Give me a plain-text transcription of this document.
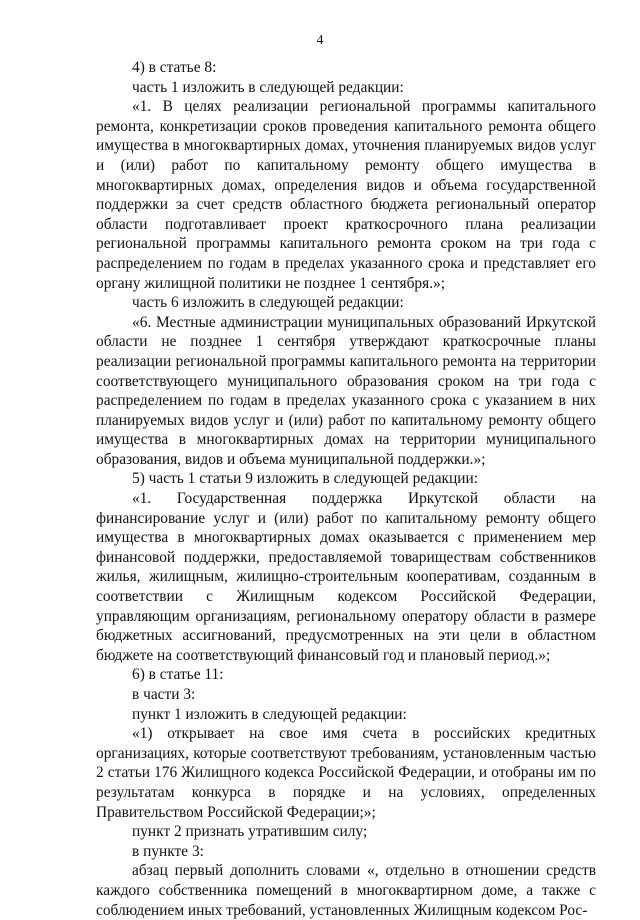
4

4) в статье 8:

часть 1 изложить в следующей редакции:

«1. В целях реализации региональной программы капитального ремонта, конкретизации сроков проведения капитального ремонта общего имущества в многоквартирных домах, уточнения планируемых видов услуг и (или) работ по капитальному ремонту общего имущества в многоквартирных домах, определения видов и объема государственной поддержки за счет средств областного бюджета региональный оператор области подготавливает проект краткосрочного плана реализации региональной программы капитального ремонта сроком на три года с распределением по годам в пределах указанного срока и представляет его органу жилищной политики не позднее 1 сентября.»;

часть 6 изложить в следующей редакции:

«6. Местные администрации муниципальных образований Иркутской области не позднее 1 сентября утверждают краткосрочные планы реализации региональной программы капитального ремонта на территории соответствующего муниципального образования сроком на три года с распределением по годам в пределах указанного срока с указанием в них планируемых видов услуг и (или) работ по капитальному ремонту общего имущества в многоквартирных домах на территории муниципального образования, видов и объема муниципальной поддержки.»;

5) часть 1 статьи 9 изложить в следующей редакции:

«1. Государственная поддержка Иркутской области на финансирование услуг и (или) работ по капитальному ремонту общего имущества в многоквартирных домах оказывается с применением мер финансовой поддержки, предоставляемой товариществам собственников жилья, жилищным, жилищно-строительным кооперативам, созданным в соответствии с Жилищным кодексом Российской Федерации, управляющим организациям, региональному оператору области в размере бюджетных ассигнований, предусмотренных на эти цели в областном бюджете на соответствующий финансовый год и плановый период.»;

6) в статье 11:

в части 3:

пункт 1 изложить в следующей редакции:

«1) открывает на свое имя счета в российских кредитных организациях, которые соответствуют требованиям, установленным частью 2 статьи 176 Жилищного кодекса Российской Федерации, и отобраны им по результатам конкурса в порядке и на условиях, определенных Правительством Российской Федерации;»;

пункт 2 признать утратившим силу;

в пункте 3:

абзац первый дополнить словами «, отдельно в отношении средств каждого собственника помещений в многоквартирном доме, а также с соблюдением иных требований, установленных Жилищным кодексом Рос-
